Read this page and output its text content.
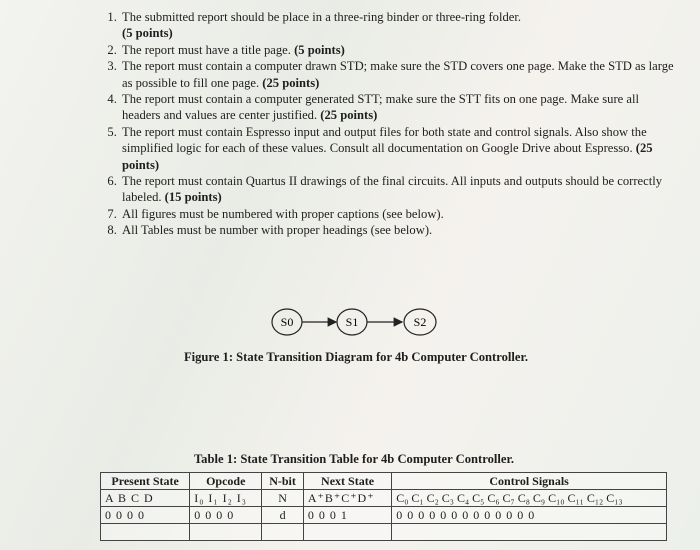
1. The submitted report should be place in a three-ring binder or three-ring folder.
(5 points)
2. The report must have a title page. (5 points)
3. The report must contain a computer drawn STD; make sure the STD covers one page. Make the STD as large as possible to fill one page. (25 points)
4. The report must contain a computer generated STT; make sure the STT fits on one page. Make sure all headers and values are center justified. (25 points)
5. The report must contain Espresso input and output files for both state and control signals. Also show the simplified logic for each of these values. Consult all documentation on Google Drive about Espresso. (25 points)
6. The report must contain Quartus II drawings of the final circuits. All inputs and outputs should be correctly labeled. (15 points)
7. All figures must be numbered with proper captions (see below).
8. All Tables must be number with proper headings (see below).
S0	S1	S2
Figure 1: State Transition Diagram for 4b Computer Controller.
Table 1: State Transition Table for 4b Computer Controller.
Present State	Opcode	N-bit	Next State	Control Signals
A B C D	I₀ I₁ I₂ I₃	N	A⁺B⁺C⁺D⁺	C₀ C₁ C₂ C₃ C₄ C₅ C₆ C₇ C₈ C₉ C₁₀ C₁₁ C₁₂ C₁₃
0 0 0 0	0 0 0 0	d	0 0 0 1	0 0 0 0 0 0 0 0 0 0 0 0 0
